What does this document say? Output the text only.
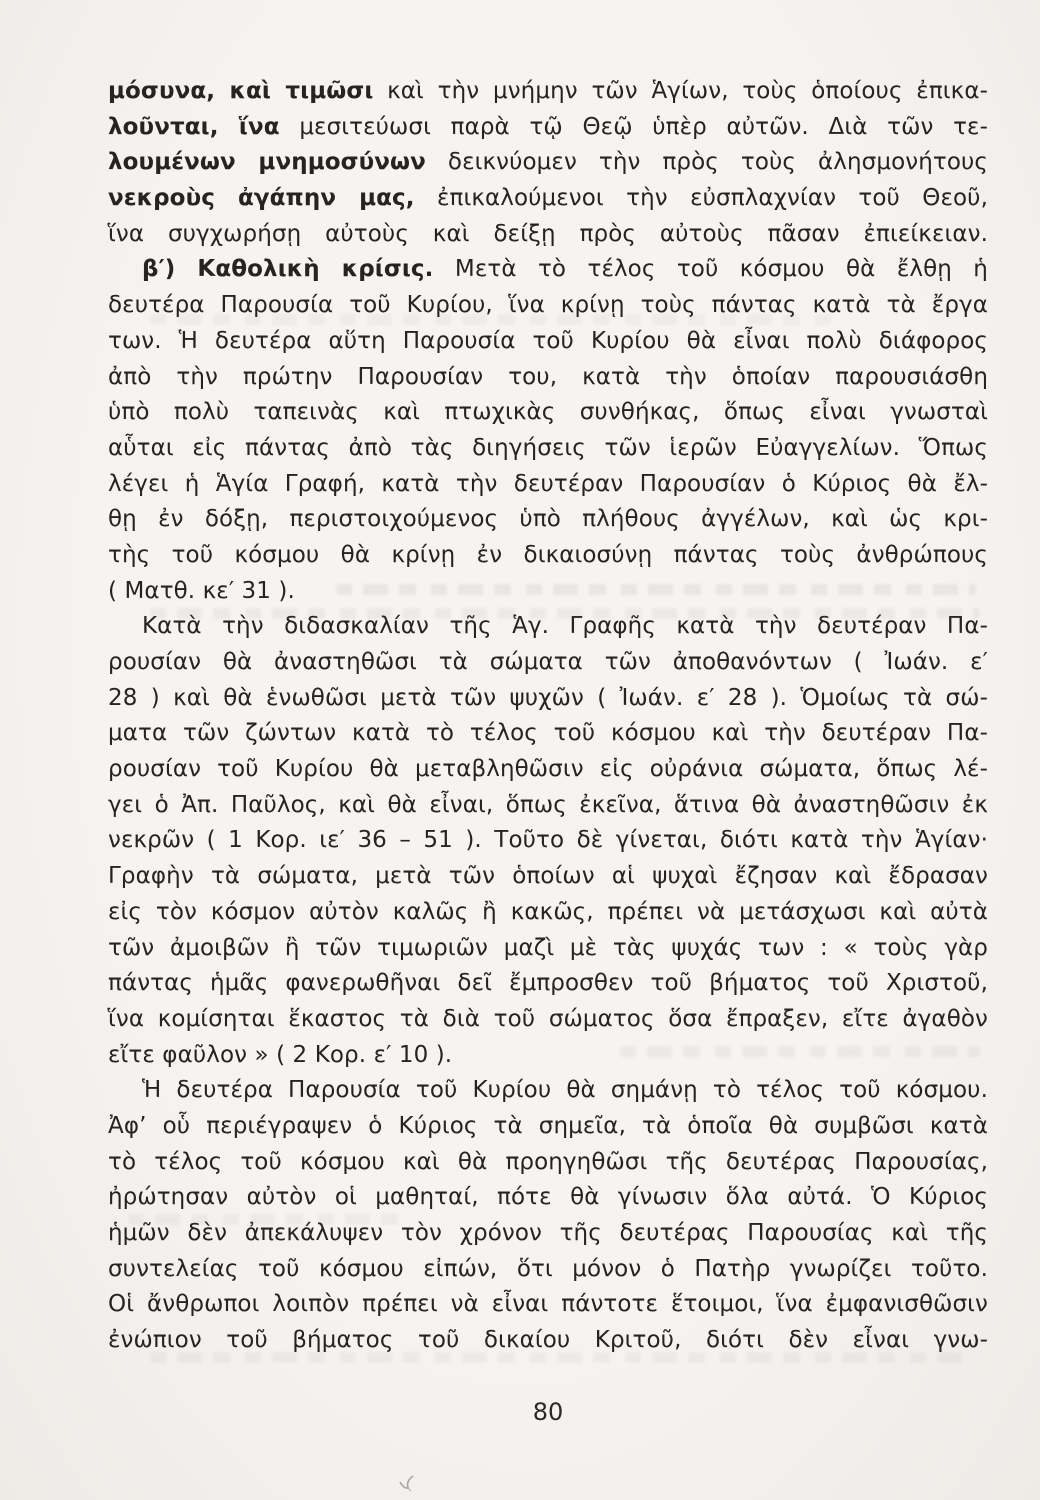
μόσυνα, καὶ τιμῶσι καὶ τὴν μνήμην τῶν Ἁγίων, τοὺς ὁποίους ἐπικα-
λοῦνται, ἵνα μεσιτεύωσι παρὰ τῷ Θεῷ ὑπὲρ αὐτῶν. Διὰ τῶν τε-
λουμένων μνημοσύνων δεικνύομεν τὴν πρὸς τοὺς ἀλησμονήτους
νεκροὺς ἀγάπην μας, ἐπικαλούμενοι τὴν εὐσπλαχνίαν τοῦ Θεοῦ,
ἵνα συγχωρήσῃ αὐτοὺς καὶ δείξῃ πρὸς αὐτοὺς πᾶσαν ἐπιείκειαν.
β′) Καθολικὴ κρίσις. Μετὰ τὸ τέλος τοῦ κόσμου θὰ ἔλθῃ ἡ
δευτέρα Παρουσία τοῦ Κυρίου, ἵνα κρίνῃ τοὺς πάντας κατὰ τὰ ἔργα
των. Ἡ δευτέρα αὕτη Παρουσία τοῦ Κυρίου θὰ εἶναι πολὺ διάφορος
ἀπὸ τὴν πρώτην Παρουσίαν του, κατὰ τὴν ὁποίαν παρουσιάσθη
ὑπὸ πολὺ ταπεινὰς καὶ πτωχικὰς συνθήκας, ὅπως εἶναι γνωσταὶ
αὗται εἰς πάντας ἀπὸ τὰς διηγήσεις τῶν ἱερῶν Εὐαγγελίων. Ὅπως
λέγει ἡ Ἁγία Γραφή, κατὰ τὴν δευτέραν Παρουσίαν ὁ Κύριος θὰ ἔλ-
θῃ ἐν δόξῃ, περιστοιχούμενος ὑπὸ πλήθους ἀγγέλων, καὶ ὡς κρι-
τὴς τοῦ κόσμου θὰ κρίνῃ ἐν δικαιοσύνῃ πάντας τοὺς ἀνθρώπους
( Ματθ. κε′ 31 ).
Κατὰ τὴν διδασκαλίαν τῆς Ἁγ. Γραφῆς κατὰ τὴν δευτέραν Πα-
ρουσίαν θὰ ἀναστηθῶσι τὰ σώματα τῶν ἀποθανόντων ( Ἰωάν. ε′
28 ) καὶ θὰ ἑνωθῶσι μετὰ τῶν ψυχῶν ( Ἰωάν. ε′ 28 ). Ὁμοίως τὰ σώ-
ματα τῶν ζώντων κατὰ τὸ τέλος τοῦ κόσμου καὶ τὴν δευτέραν Πα-
ρουσίαν τοῦ Κυρίου θὰ μεταβληθῶσιν εἰς οὐράνια σώματα, ὅπως λέ-
γει ὁ Ἀπ. Παῦλος, καὶ θὰ εἶναι, ὅπως ἐκεῖνα, ἅτινα θὰ ἀναστηθῶσιν ἐκ
νεκρῶν ( 1 Κορ. ιε′ 36 – 51 ). Τοῦτο δὲ γίνεται, διότι κατὰ τὴν Ἁγίαν·
Γραφὴν τὰ σώματα, μετὰ τῶν ὁποίων αἱ ψυχαὶ ἔζησαν καὶ ἔδρασαν
εἰς τὸν κόσμον αὐτὸν καλῶς ἢ κακῶς, πρέπει νὰ μετάσχωσι καὶ αὐτὰ
τῶν ἀμοιβῶν ἢ τῶν τιμωριῶν μαζὶ μὲ τὰς ψυχάς των : « τοὺς γὰρ
πάντας ἡμᾶς φανερωθῆναι δεῖ ἔμπροσθεν τοῦ βήματος τοῦ Χριστοῦ,
ἵνα κομίσηται ἕκαστος τὰ διὰ τοῦ σώματος ὅσα ἔπραξεν, εἴτε ἀγαθὸν
εἴτε φαῦλον » ( 2 Κορ. ε′ 10 ).
Ἡ δευτέρα Παρουσία τοῦ Κυρίου θὰ σημάνῃ τὸ τέλος τοῦ κόσμου.
Ἀφ’ οὗ περιέγραψεν ὁ Κύριος τὰ σημεῖα, τὰ ὁποῖα θὰ συμβῶσι κατὰ
τὸ τέλος τοῦ κόσμου καὶ θὰ προηγηθῶσι τῆς δευτέρας Παρουσίας,
ἠρώτησαν αὐτὸν οἱ μαθηταί, πότε θὰ γίνωσιν ὅλα αὐτά. Ὁ Κύριος
ἡμῶν δὲν ἀπεκάλυψεν τὸν χρόνον τῆς δευτέρας Παρουσίας καὶ τῆς
συντελείας τοῦ κόσμου εἰπών, ὅτι μόνον ὁ Πατὴρ γνωρίζει τοῦτο.
Οἱ ἄνθρωποι λοιπὸν πρέπει νὰ εἶναι πάντοτε ἕτοιμοι, ἵνα ἐμφανισθῶσιν
ἐνώπιον τοῦ βήματος τοῦ δικαίου Κριτοῦ, διότι δὲν εἶναι γνω-
80
